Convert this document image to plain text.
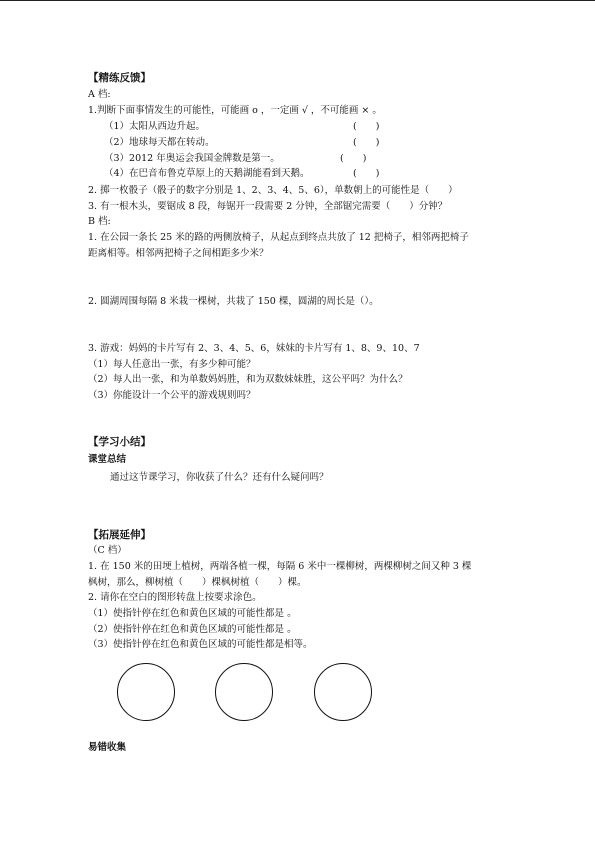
【精练反馈】
A 档:
1.判断下面事情发生的可能性，可能画 o ，一定画 √ ，不可能画 × 。
（1）太阳从西边升起。	(　　)
（2）地球每天都在转动。	(　　)
（3）2012 年奥运会我国金牌数是第一。	(　　)
（4）在巴音布鲁克草原上的天鹅湖能看到天鹅。	(　　)
2. 掷一枚骰子（骰子的数字分别是 1、2、3、4、5、6），单数朝上的可能性是（　　）
3. 有一根木头，要锯成 8 段，每锯开一段需要 2 分钟，全部锯完需要（　　）分钟？
B 档:
1. 在公园一条长 25 米的路的两侧放椅子，从起点到终点共放了 12 把椅子，相邻两把椅子
距离相等。相邻两把椅子之间相距多少米？
2. 圆湖周围每隔 8 米栽一棵树，共栽了 150 棵，圆湖的周长是（）。
3. 游戏：妈妈的卡片写有 2、3、4、5、6，妹妹的卡片写有 1、8、9、10、7
（1）每人任意出一张，有多少种可能？
（2）每人出一张，和为单数妈妈胜，和为双数妹妹胜，这公平吗？为什么？
（3）你能设计一个公平的游戏规则吗？
【学习小结】
课堂总结
通过这节课学习，你收获了什么？还有什么疑问吗？
【拓展延伸】
（C 档）
1. 在 150 米的田埂上植树，两端各植一棵，每隔 6 米中一棵柳树，两棵柳树之间又种 3 棵
枫树，那么，柳树植（　　）棵枫树植（　　）棵。
2. 请你在空白的图形转盘上按要求涂色。
（1）使指针停在红色和黄色区域的可能性都是 。
（2）使指针停在红色和黄色区域的可能性都是 。
（3）使指针停在红色和黄色区域的可能性都是相等。
易错收集
